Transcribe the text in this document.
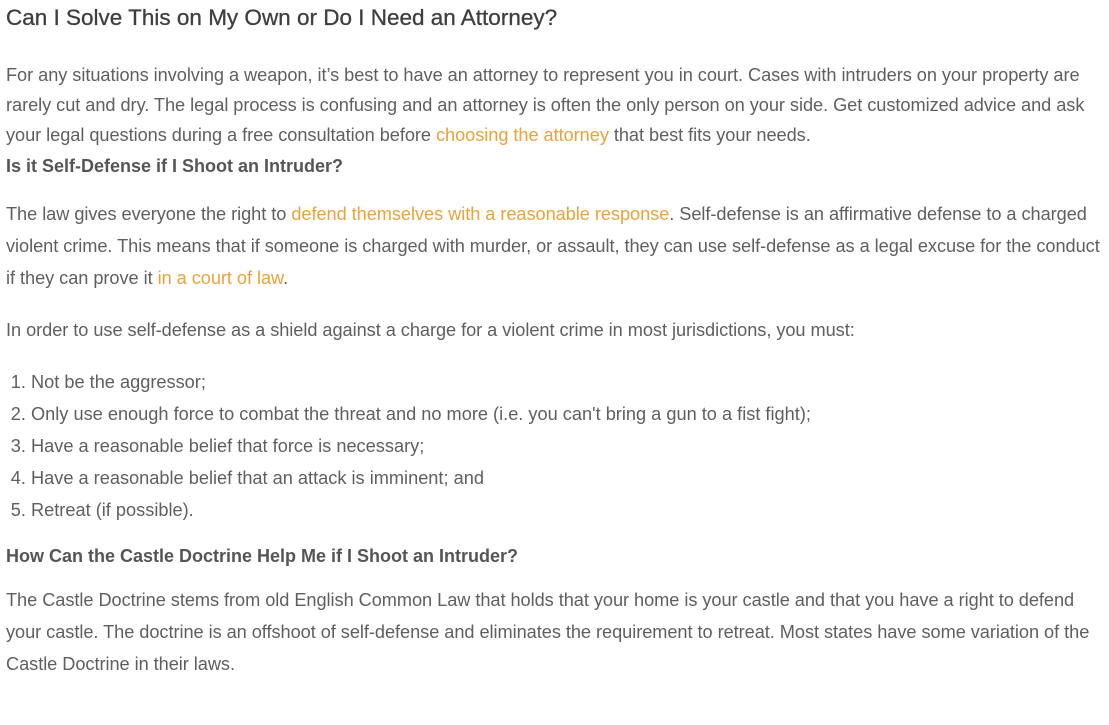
Can I Solve This on My Own or Do I Need an Attorney?

For any situations involving a weapon, it’s best to have an attorney to represent you in court. Cases with intruders on your property are rarely cut and dry. The legal process is confusing and an attorney is often the only person on your side. Get customized advice and ask your legal questions during a free consultation before choosing the attorney that best fits your needs.

Is it Self-Defense if I Shoot an Intruder?

The law gives everyone the right to defend themselves with a reasonable response. Self-defense is an affirmative defense to a charged violent crime. This means that if someone is charged with murder, or assault, they can use self-defense as a legal excuse for the conduct if they can prove it in a court of law.

In order to use self-defense as a shield against a charge for a violent crime in most jurisdictions, you must:

1. Not be the aggressor;
2. Only use enough force to combat the threat and no more (i.e. you can't bring a gun to a fist fight);
3. Have a reasonable belief that force is necessary;
4. Have a reasonable belief that an attack is imminent; and
5. Retreat (if possible).
How Can the Castle Doctrine Help Me if I Shoot an Intruder?

The Castle Doctrine stems from old English Common Law that holds that your home is your castle and that you have a right to defend your castle. The doctrine is an offshoot of self-defense and eliminates the requirement to retreat. Most states have some variation of the Castle Doctrine in their laws.
